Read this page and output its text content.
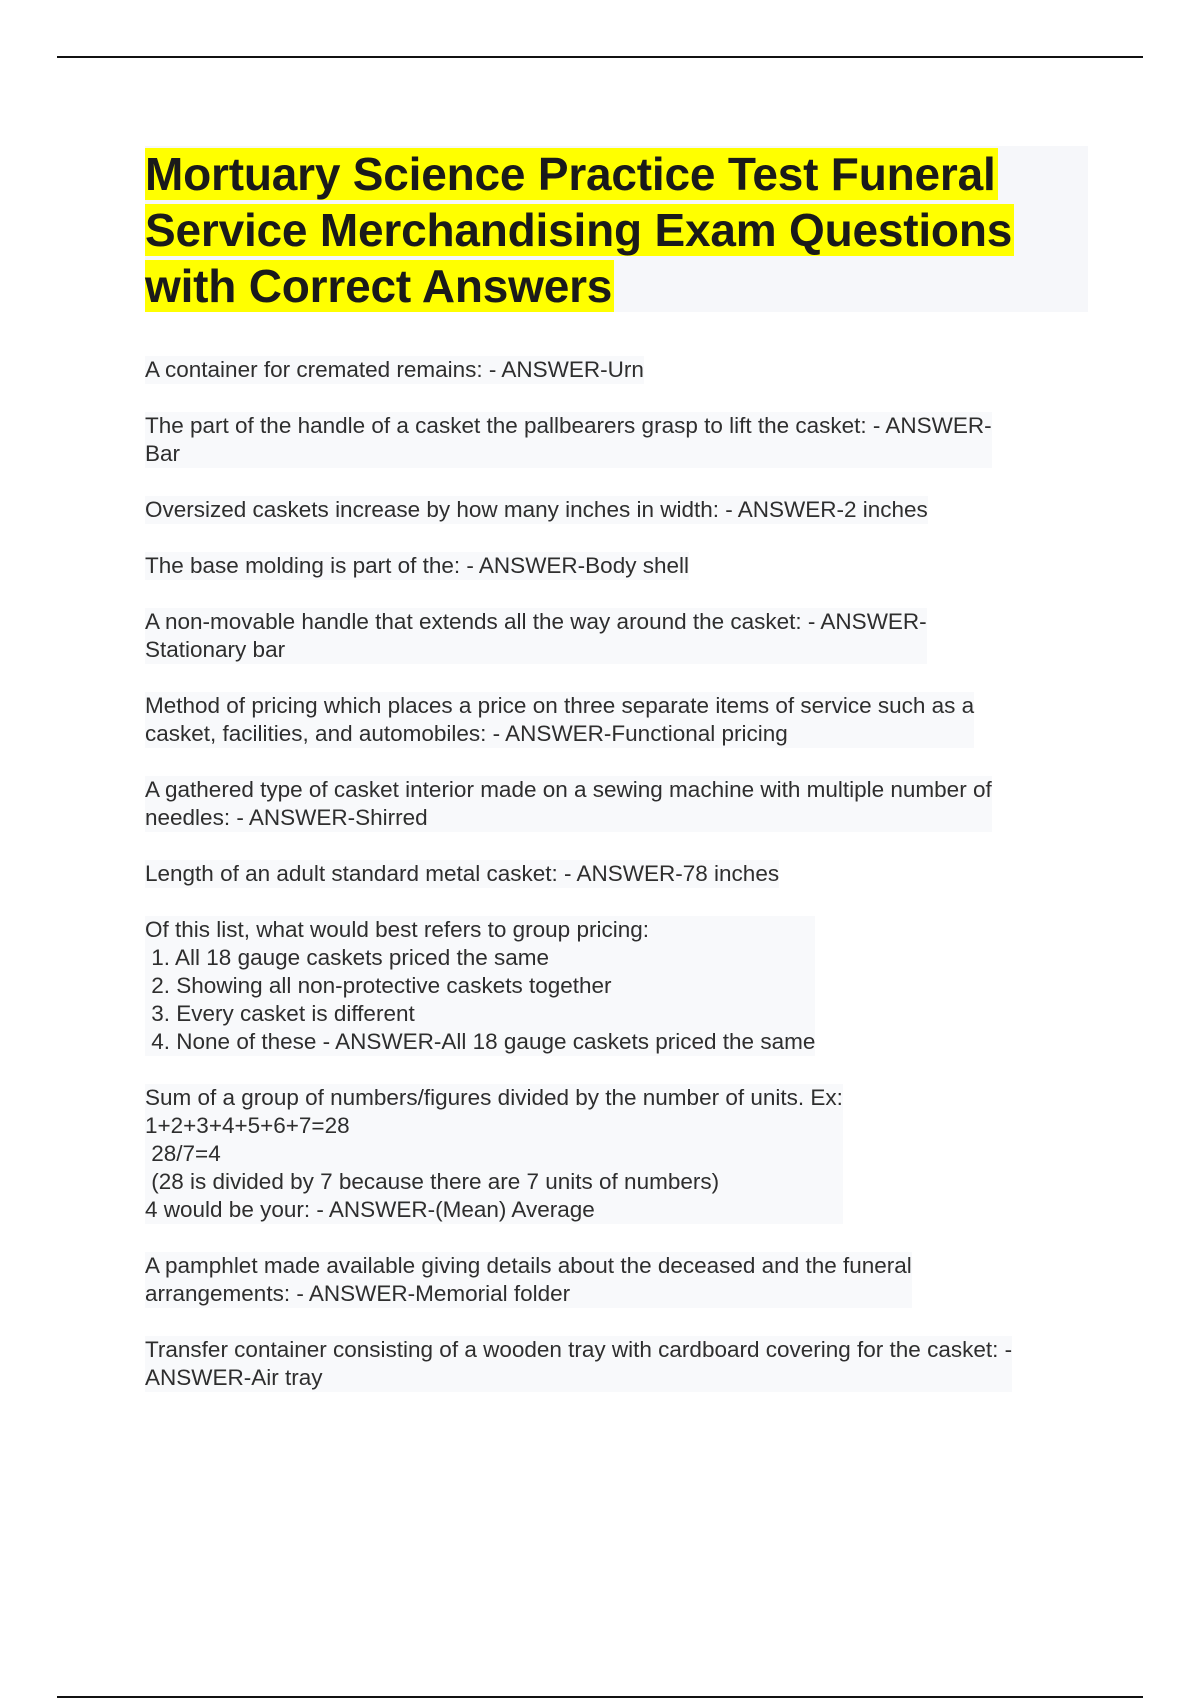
Mortuary Science Practice Test Funeral
Service Merchandising Exam Questions
with Correct Answers
A container for cremated remains: - ANSWER-Urn
The part of the handle of a casket the pallbearers grasp to lift the casket: - ANSWER-
Bar
Oversized caskets increase by how many inches in width: - ANSWER-2 inches
The base molding is part of the: - ANSWER-Body shell
A non-movable handle that extends all the way around the casket: - ANSWER-
Stationary bar
Method of pricing which places a price on three separate items of service such as a
casket, facilities, and automobiles: - ANSWER-Functional pricing
A gathered type of casket interior made on a sewing machine with multiple number of
needles: - ANSWER-Shirred
Length of an adult standard metal casket: - ANSWER-78 inches
Of this list, what would best refers to group pricing:
1. All 18 gauge caskets priced the same
2. Showing all non-protective caskets together
3. Every casket is different
4. None of these - ANSWER-All 18 gauge caskets priced the same
Sum of a group of numbers/figures divided by the number of units. Ex:
1+2+3+4+5+6+7=28
28/7=4
(28 is divided by 7 because there are 7 units of numbers)
4 would be your: - ANSWER-(Mean) Average
A pamphlet made available giving details about the deceased and the funeral
arrangements: - ANSWER-Memorial folder
Transfer container consisting of a wooden tray with cardboard covering for the casket: -
ANSWER-Air tray
